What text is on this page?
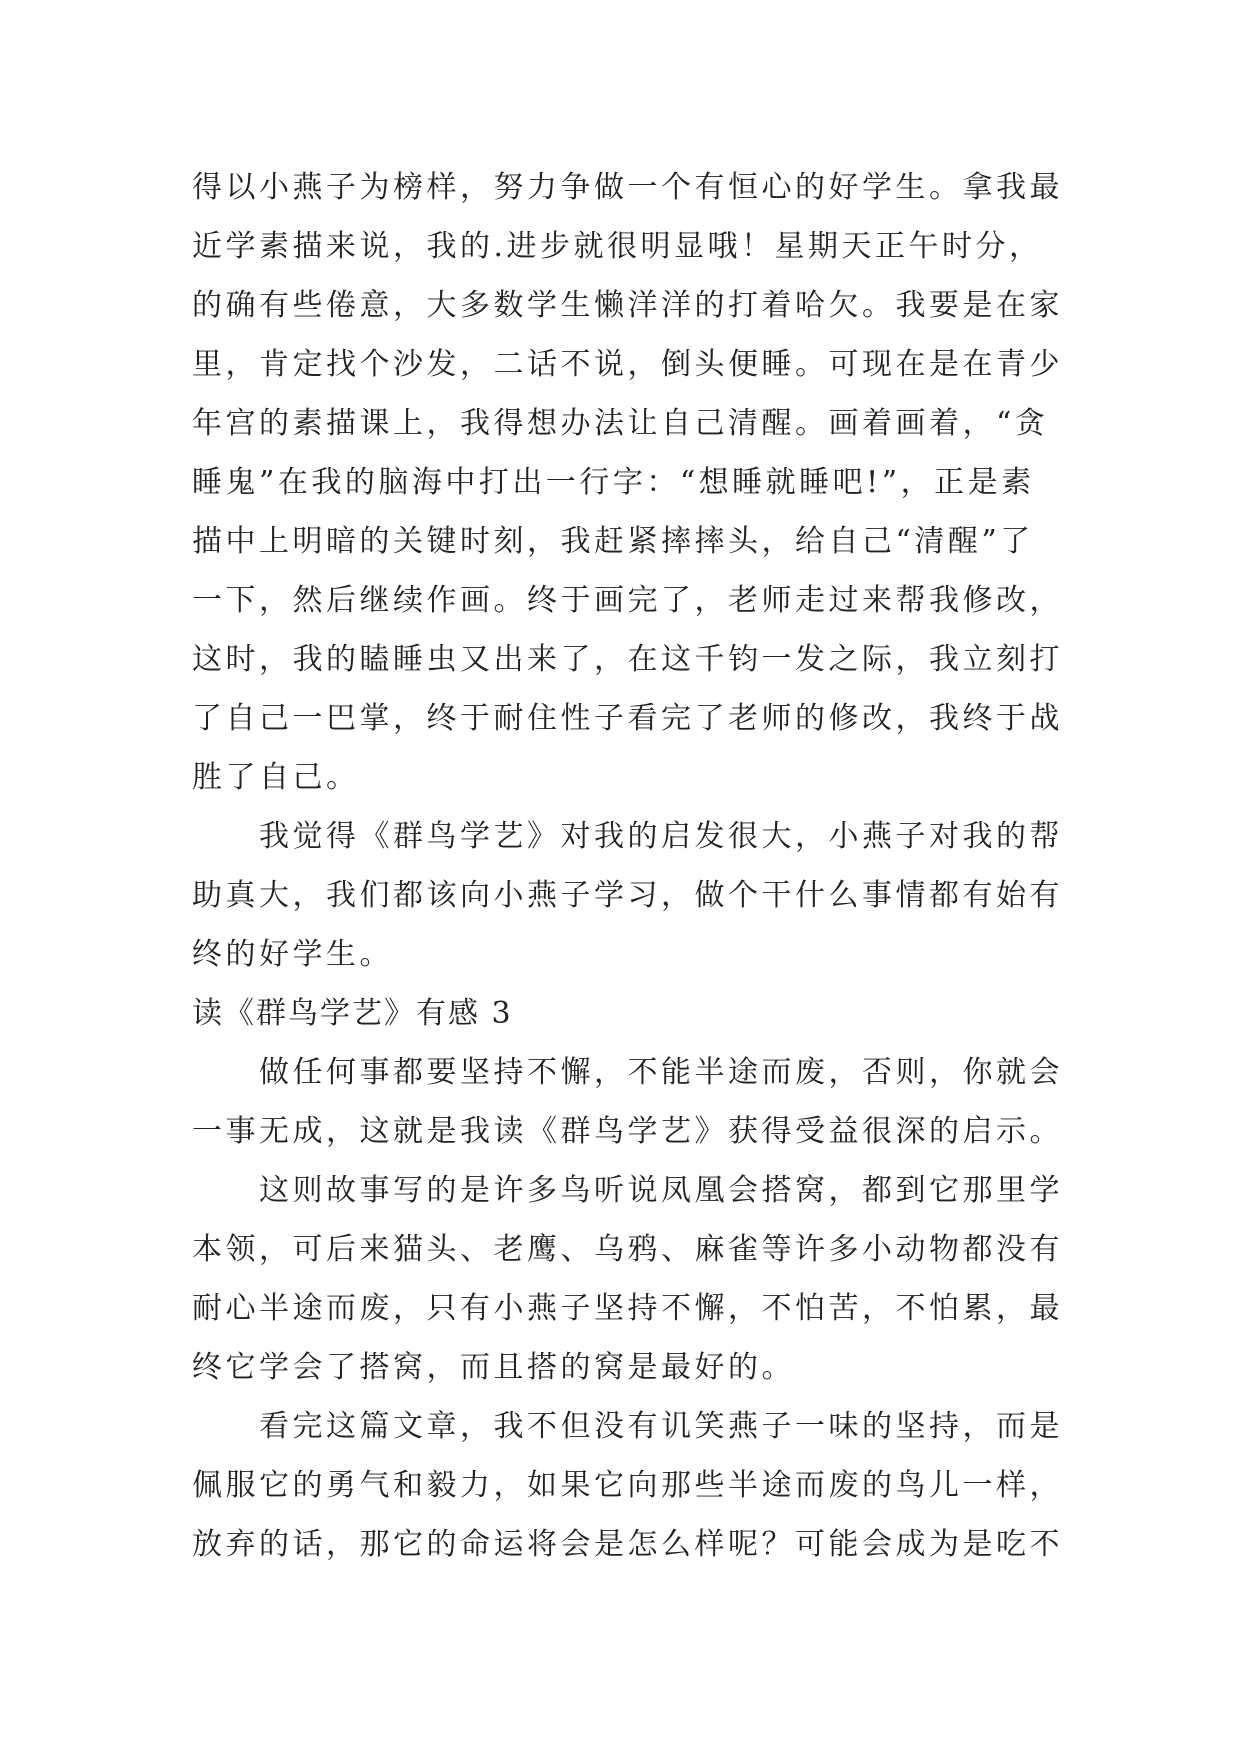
得以小燕子为榜样，努力争做一个有恒心的好学生。拿我最
近学素描来说，我的.进步就很明显哦！星期天正午时分，
的确有些倦意，大多数学生懒洋洋的打着哈欠。我要是在家
里，肯定找个沙发，二话不说，倒头便睡。可现在是在青少
年宫的素描课上，我得想办法让自己清醒。画着画着，“贪
睡鬼”在我的脑海中打出一行字：“想睡就睡吧!”，正是素
描中上明暗的关键时刻，我赶紧摔摔头，给自己“清醒”了
一下，然后继续作画。终于画完了，老师走过来帮我修改，
这时，我的瞌睡虫又出来了，在这千钧一发之际，我立刻打
了自己一巴掌，终于耐住性子看完了老师的修改，我终于战
胜了自己。
　　我觉得《群鸟学艺》对我的启发很大，小燕子对我的帮
助真大，我们都该向小燕子学习，做个干什么事情都有始有
终的好学生。
读《群鸟学艺》有感 3
　　做任何事都要坚持不懈，不能半途而废，否则，你就会
一事无成，这就是我读《群鸟学艺》获得受益很深的启示。
　　这则故事写的是许多鸟听说凤凰会搭窝，都到它那里学
本领，可后来猫头、老鹰、乌鸦、麻雀等许多小动物都没有
耐心半途而废，只有小燕子坚持不懈，不怕苦，不怕累，最
终它学会了搭窝，而且搭的窝是最好的。
　　看完这篇文章，我不但没有讥笑燕子一味的坚持，而是
佩服它的勇气和毅力，如果它向那些半途而废的鸟儿一样，
放弃的话，那它的命运将会是怎么样呢？可能会成为是吃不
